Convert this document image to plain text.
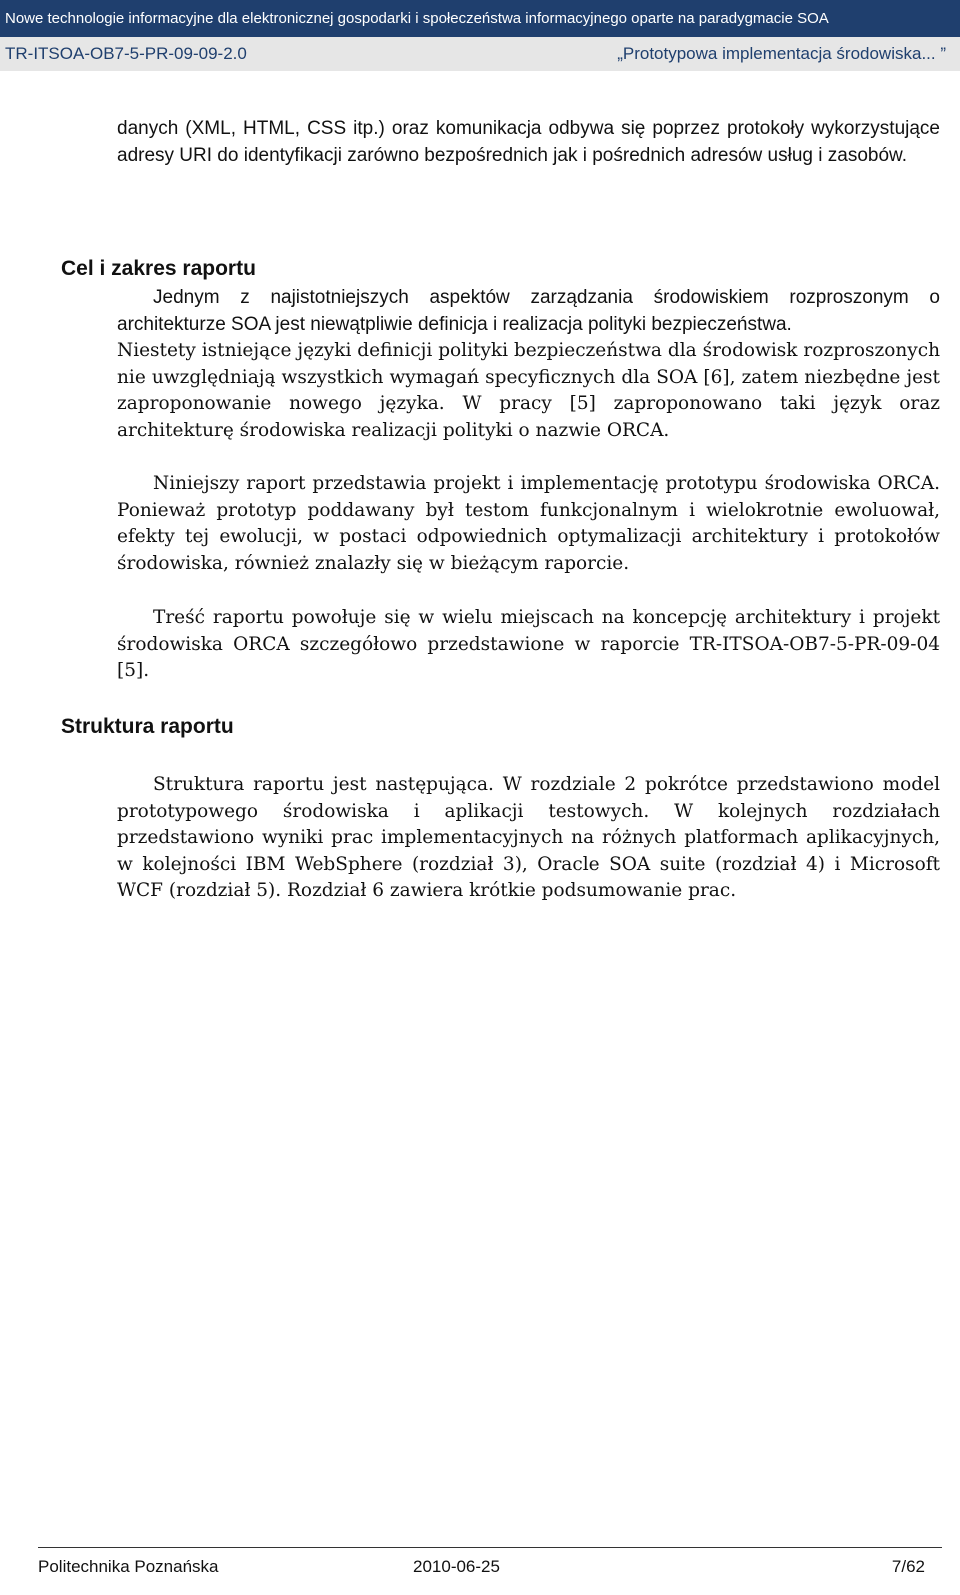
Nowe technologie informacyjne dla elektronicznej gospodarki i społeczeństwa informacyjnego oparte na paradygmacie SOA
TR-ITSOA-OB7-5-PR-09-09-2.0	„Prototypowa implementacja środowiska... ”

danych (XML, HTML, CSS itp.) oraz komunikacja odbywa się poprzez protokoły wykorzystujące adresy URI do identyfikacji zarówno bezpośrednich jak i pośrednich adresów usług i zasobów.

Jednym z najistotniejszych aspektów zarządzania środowiskiem rozproszonym o architekturze SOA jest niewątpliwie definicja i realizacja polityki bezpieczeństwa.

Niestety istniejące języki definicji polityki bezpieczeństwa dla środowisk rozproszonych nie uwzględniają wszystkich wymagań specyficznych dla SOA [6], zatem niezbędne jest zaproponowanie nowego języka. W pracy [5] zaproponowano taki język oraz architekturę środowiska realizacji polityki o nazwie ORCA.

Niniejszy raport przedstawia projekt i implementację prototypu środowiska ORCA. Ponieważ prototyp poddawany był testom funkcjonalnym i wielokrotnie ewoluował, efekty tej ewolucji, w postaci odpowiednich optymalizacji architektury i protokołów środowiska, również znalazły się w bieżącym raporcie.

Treść raportu powołuje się w wielu miejscach na koncepcję architektury i projekt środowiska ORCA szczegółowo przedstawione w raporcie TR-ITSOA-OB7-5-PR-09-04 [5].

Struktura raportu jest następująca. W rozdziale 2 pokrótce przedstawiono model prototypowego środowiska i aplikacji testowych. W kolejnych rozdziałach przedstawiono wyniki prac implementacyjnych na różnych platformach aplikacyjnych, w kolejności IBM WebSphere (rozdział 3), Oracle SOA suite (rozdział 4) i Microsoft WCF (rozdział 5). Rozdział 6 zawiera krótkie podsumowanie prac.

Cel i zakres raportu
Struktura raportu
Politechnika Poznańska	2010-06-25	7/62
